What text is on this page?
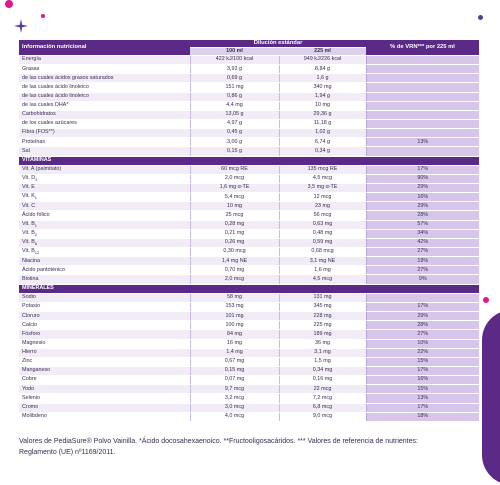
Información nutricional	Dilución estándar		% de VRN*** por 225 ml
	100 ml	225 ml	
Energía	422 kJ/100 kcal	949 kJ/226 kcal	
Grasas	3,93 g	8,84 g	
de las cuales ácidos grasos saturados	0,69 g	1,6 g	
de las cuales ácido linoleico	151 mg	340 mg	
de las cuales ácido linoleico	0,86 g	1,94 g	
de las cuales DHA*	4,4 mg	10 mg	
Carbohidratos	13,05 g	29,36 g	
de los cuales azúcares	4,97 g	11,18 g	
Fibra (FOS**)	0,45 g	1,02 g	
Proteínas	3,00 g	6,74 g	13%
Sal	0,15 g	0,34 g	
VITAMINAS			
Vit. A (palmitato)	60 mcg RE	135 mcg RE	17%
Vit. $D_3$	2,0 mcg	4,5 mcg	90%
Vit. E	1,6 mg α-TE	3,5 mg α-TE	29%
Vit. $K_1$	5,4 mcg	12 mcg	16%
Vit. C	10 mg	23 mg	29%
Ácido fólico	25 mcg	56 mcg	28%
Vit. $B_1$	0,28 mg	0,63 mg	57%
Vit. $B_2$	0,21 mg	0,48 mg	34%
Vit. $B_6$	0,26 mg	0,59 mg	42%
Vit. $B_{12}$	0,30 mcg	0,68 mcg	27%
Niacina	1,4 mg NE	3,1 mg NE	19%
Ácido pantoténico	0,70 mg	1,6 mg	27%
Biotina	2,0 mcg	4,5 mcg	9%
MINERALES			
Sodio	58 mg	131 mg	
Potasio	153 mg	345 mg	17%
Cloruro	101 mg	228 mg	29%
Calcio	100 mg	225 mg	28%
Fósforo	84 mg	189 mg	27%
Magnesio	16 mg	36 mg	10%
Hierro	1,4 mg	3,1 mg	22%
Zinc	0,67 mg	1,5 mg	15%
Manganeso	0,15 mg	0,34 mg	17%
Cobre	0,07 mg	0,16 mg	16%
Yodo	9,7 mcg	22 mcg	15%
Selenio	3,2 mcg	7,2 mcg	13%
Cromo	3,0 mcg	6,8 mcg	17%
Molibdeno	4,0 mcg	9,0 mcg	18%
Valores de PediaSure® Polvo Vainilla. *Ácido docosahexaenoico. **Fructooligosacáridos. *** Valores de referencia de nutrientes: Reglamento (UE) nº1169/2011.
